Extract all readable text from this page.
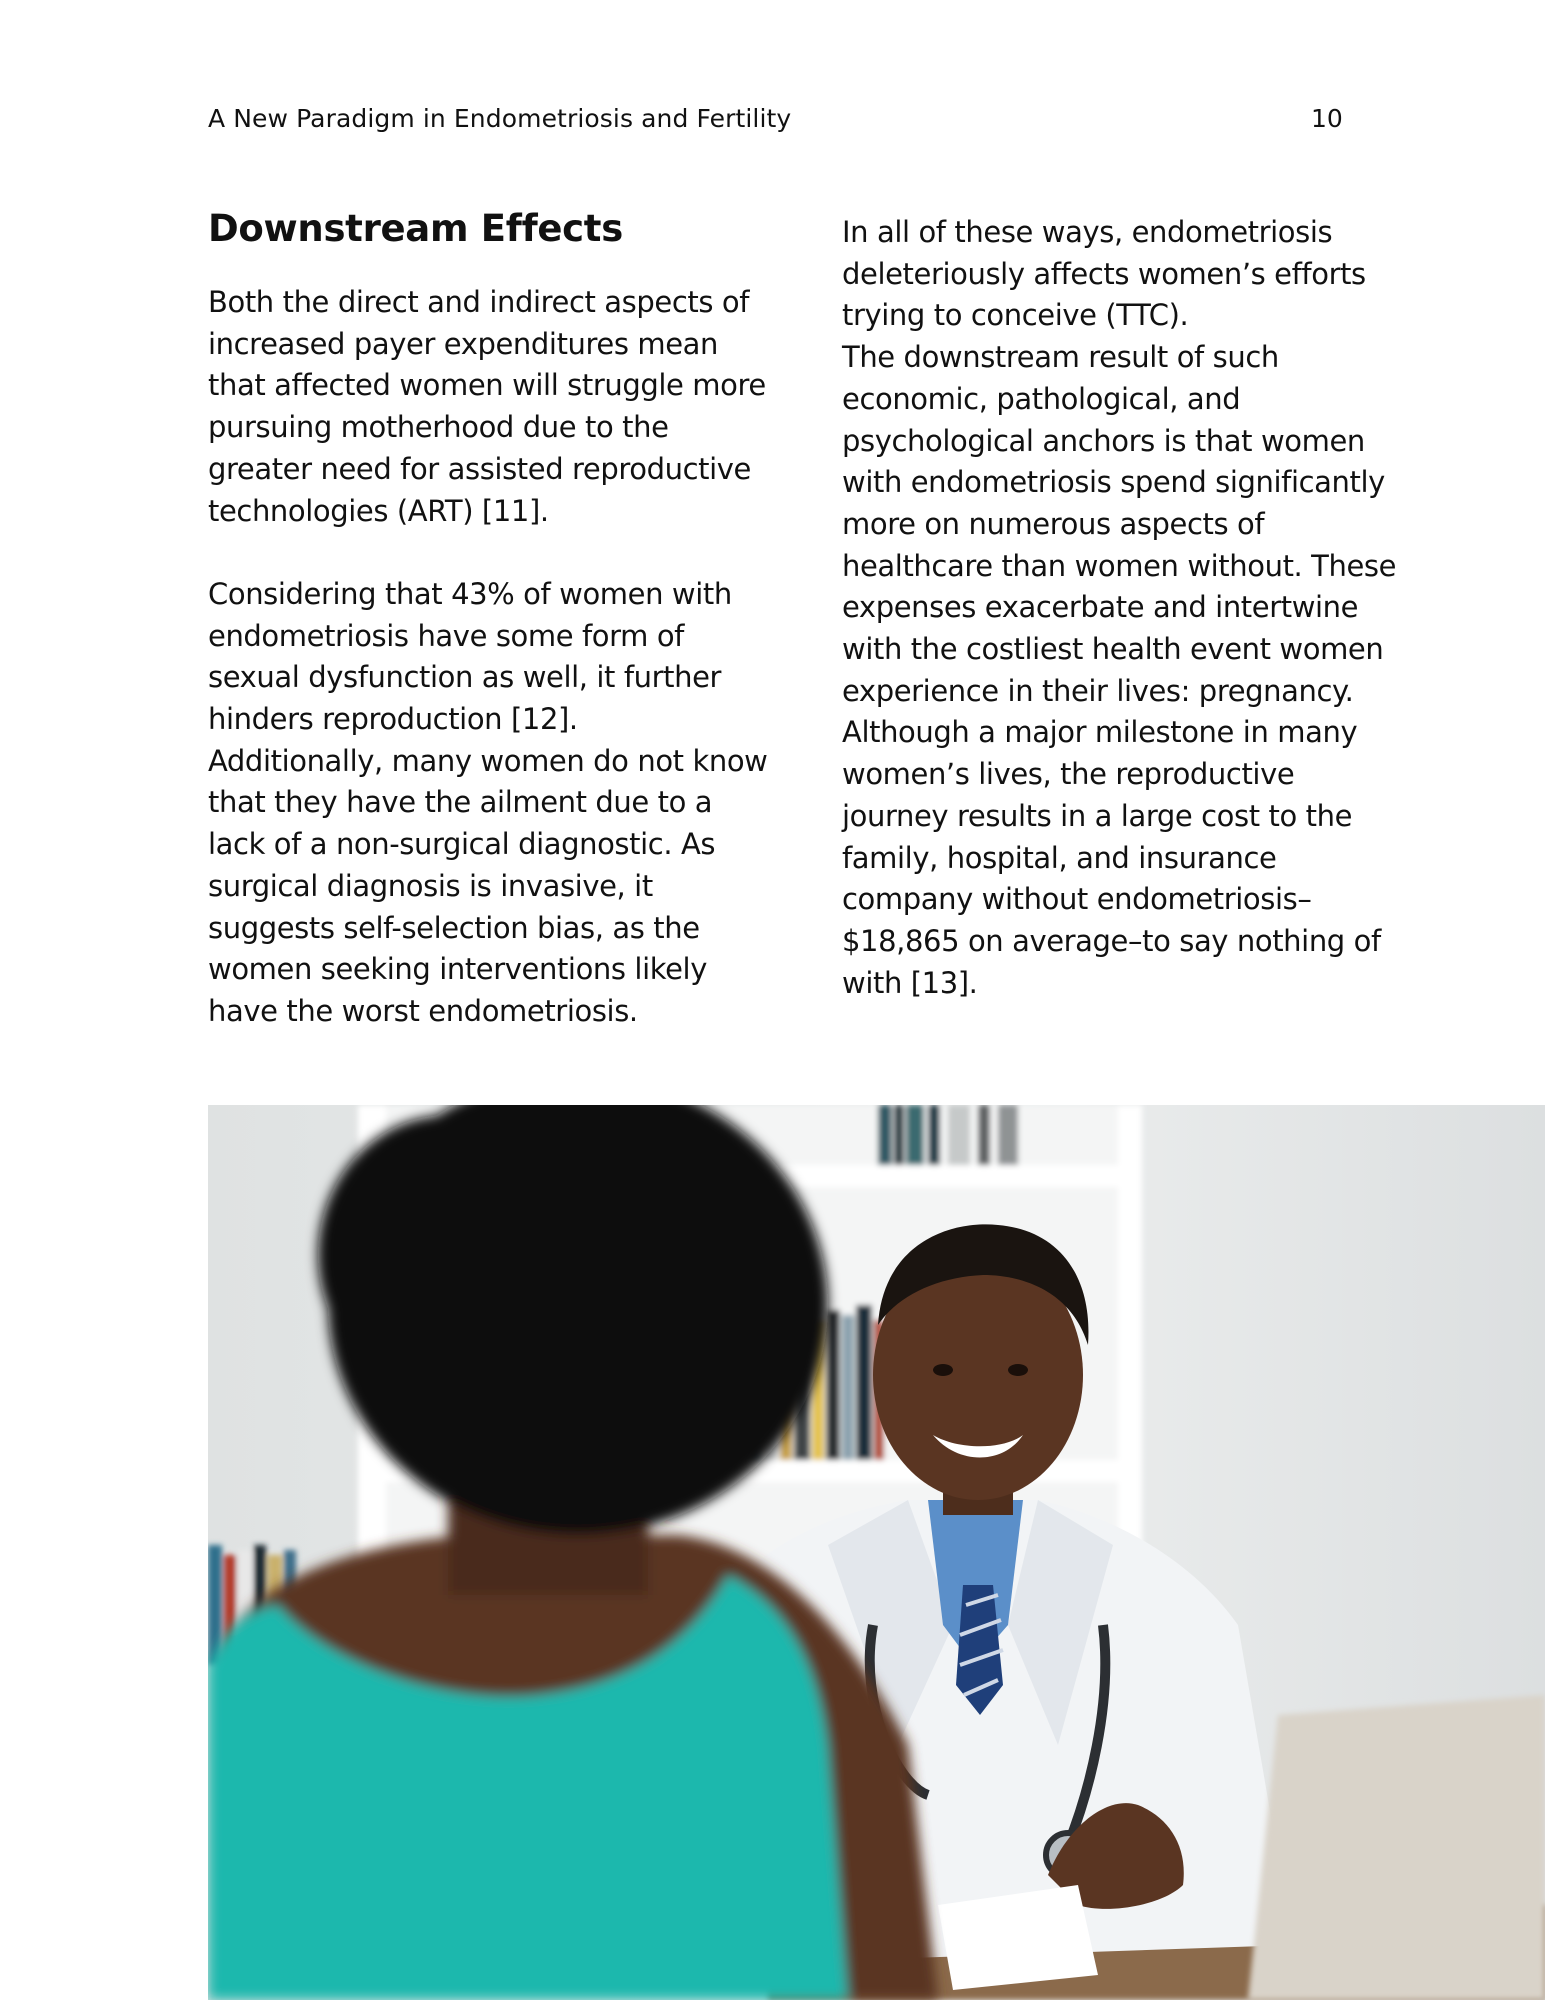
A New Paradigm in Endometriosis and Fertility	10
Downstream Effects

Both the direct and indirect aspects of increased payer expenditures mean that affected women will struggle more pursuing motherhood due to the greater need for assisted reproductive technologies (ART) [11].

Considering that 43% of women with endometriosis have some form of sexual dysfunction as well, it further hinders reproduction [12].

Additionally, many women do not know that they have the ailment due to a lack of a non-surgical diagnostic. As surgical diagnosis is invasive, it suggests self-selection bias, as the women seeking interventions likely have the worst endometriosis.

In all of these ways, endometriosis deleteriously affects women’s efforts trying to conceive (TTC).

The downstream result of such economic, pathological, and psychological anchors is that women with endometriosis spend significantly more on numerous aspects of healthcare than women without. These expenses exacerbate and intertwine with the costliest health event women experience in their lives: pregnancy. Although a major milestone in many women’s lives, the reproductive journey results in a large cost to the family, hospital, and insurance company without endometriosis–$18,865 on average–to say nothing of with [13].
